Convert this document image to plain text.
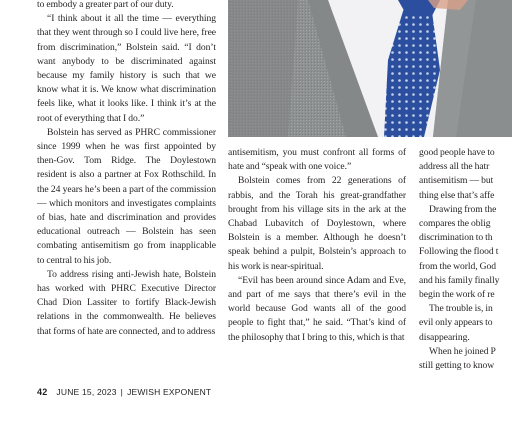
to embody a greater part of our duty.

“I think about it all the time — everything that they went through so I could live here, free from discrimination,” Bolstein said. “I don’t want anybody to be discriminated against because my family history is such that we know what it is. We know what discrimination feels like, what it looks like. I think it’s at the root of everything that I do.”

Bolstein has served as PHRC commissioner since 1999 when he was first appointed by then-Gov. Tom Ridge. The Doylestown resident is also a partner at Fox Rothschild. In the 24 years he’s been a part of the commission — which monitors and investigates complaints of bias, hate and discrimination and provides educational outreach — Bolstein has seen combating antisemitism go from inapplicable to central to his job.

To address rising anti-Jewish hate, Bolstein has worked with PHRC Executive Director Chad Dion Lassiter to fortify Black-Jewish relations in the commonwealth. He believes that forms of hate are connected, and to address

antisemitism, you must confront all forms of hate and “speak with one voice.”

Bolstein comes from 22 generations of rabbis, and the Torah his great-grandfather brought from his village sits in the ark at the Chabad Lubavitch of Doylestown, where Bolstein is a member. Although he doesn’t speak behind a pulpit, Bolstein’s approach to his work is near-spiritual.

“Evil has been around since Adam and Eve, and part of me says that there’s evil in the world because God wants all of the good people to fight that,” he said. “That’s kind of the philosophy that I bring to this, which is that

good people have to
address all the hatr
antisemitism — but
thing else that’s affe
Drawing from the
compares the oblig
discrimination to th
Following the flood t
from the world, God
and his family finally
begin the work of re
The trouble is, in
evil only appears to
disappearing.
When he joined P
still getting to know
42 JUNE 15, 2023 | JEWISH EXPONENT
